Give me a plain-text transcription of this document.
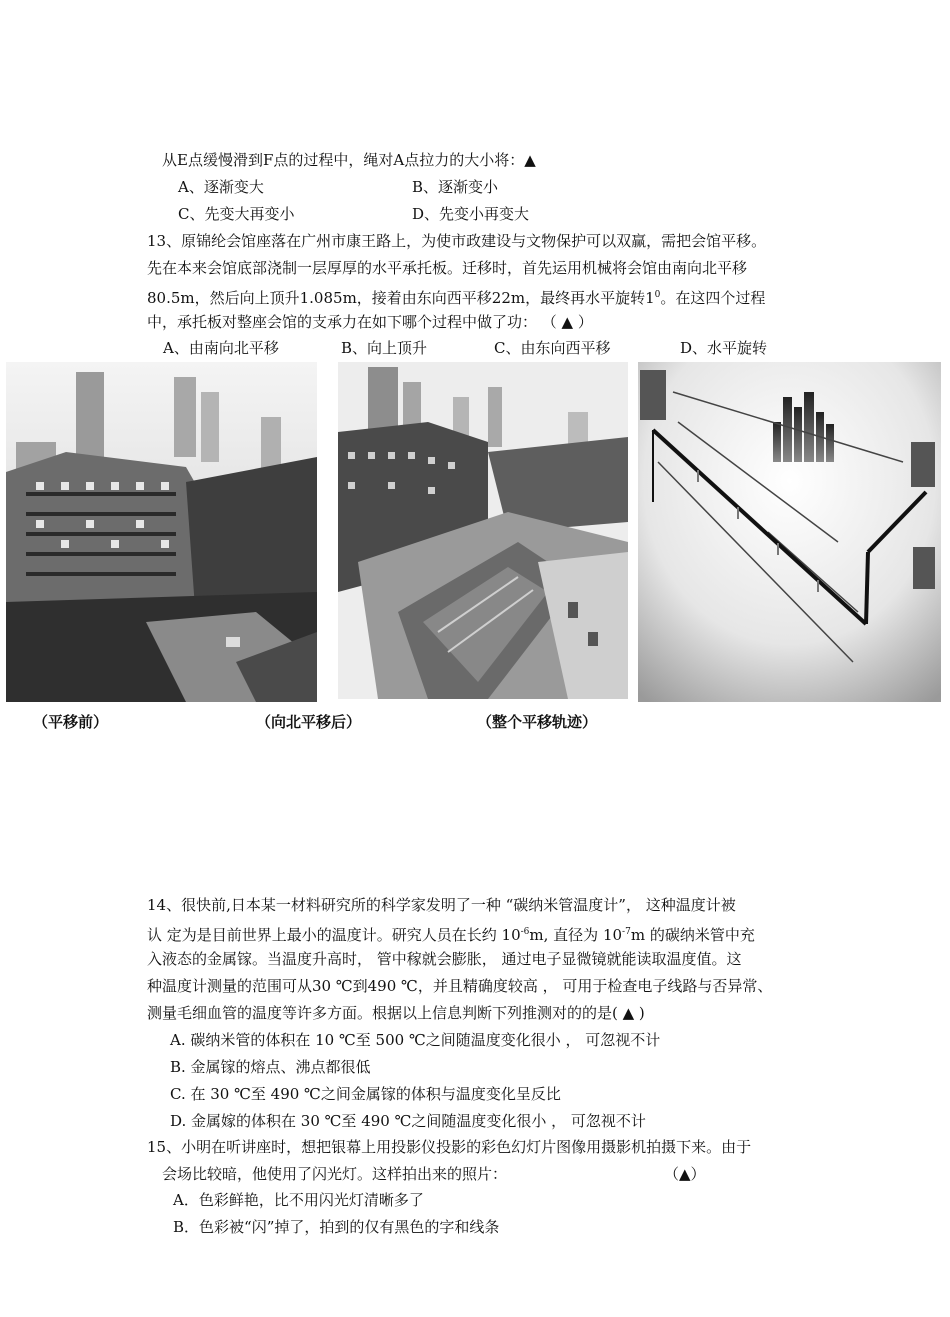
从E点缓慢滑到F点的过程中，绳对A点拉力的大小将：▲
A、逐渐变大	B、逐渐变小
C、先变大再变小	D、先变小再变大
13、原锦纶会馆座落在广州市康王路上，为使市政建设与文物保护可以双赢，需把会馆平移。
先在本来会馆底部浇制一层厚厚的水平承托板。迁移时，首先运用机械将会馆由南向北平移
80.5m，然后向上顶升1.085m，接着由东向西平移22m，最终再水平旋转$1^0$。在这四个过程
中，承托板对整座会馆的支承力在如下哪个过程中做了功： （ ▲ ）
A、由南向北平移	B、向上顶升	C、由东向西平移	D、水平旋转
（平移前）	（向北平移后）	（整个平移轨迹）
14、很快前,日本某一材料研究所的科学家发明了一种 “碳纳米管温度计”， 这种温度计被
认 定为是目前世界上最小的温度计。研究人员在长约 $10^{-6}m$, 直径为 $10^{-7}m$ 的碳纳米管中充
入液态的金属镓。当温度升高时， 管中稼就会膨胀， 通过电子显微镜就能读取温度值。这
种温度计测量的范围可从30 ℃到490 ℃，并且精确度较高 ， 可用于检查电子线路与否异常、
测量毛细血管的温度等许多方面。根据以上信息判断下列推测对的的是( ▲ )
A. 碳纳米管的体积在 10 ℃至 500 ℃之间随温度变化很小 ， 可忽视不计
B. 金属镓的熔点、沸点都很低
C. 在 30 ℃至 490 ℃之间金属镓的体积与温度变化呈反比
D. 金属嫁的体积在 30 ℃至 490 ℃之间随温度变化很小 ， 可忽视不计
15、小明在听讲座时，想把银幕上用投影仪投影的彩色幻灯片图像用摄影机拍摄下来。由于
会场比较暗，他使用了闪光灯。这样拍出来的照片：	（▲）
A．色彩鲜艳，比不用闪光灯清晰多了
B．色彩被“闪”掉了，拍到的仅有黑色的字和线条
